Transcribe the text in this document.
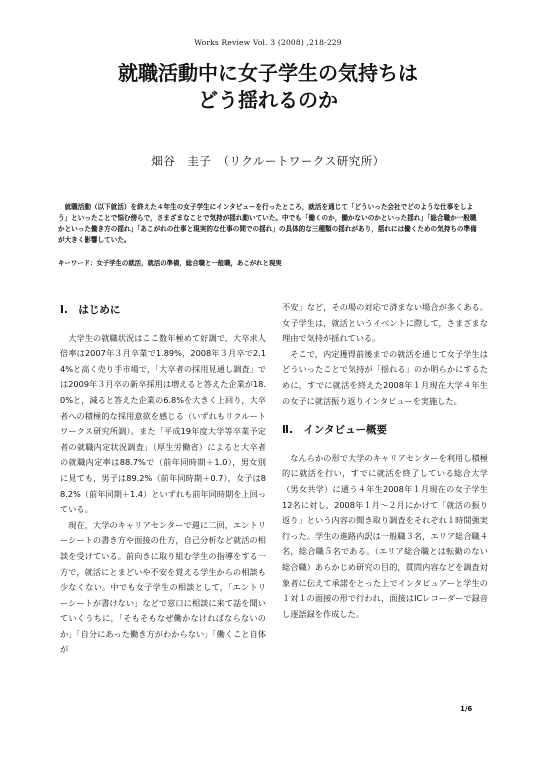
Works Review Vol. 3 (2008) ,218-229
就職活動中に女子学生の気持ちは
どう揺れるのか
畑谷　圭子　（リクルートワークス研究所）

就職活動（以下就活）を終えた４年生の女子学生にインタビューを行ったところ，就活を通じて「どういった会社でどのような仕事をしよう」といったことで悩む傍らで，さまざまなことで気持が揺れ動いていた。中でも「働くのか，働かないのかといった揺れ」「総合職か一般職かといった働き方の揺れ」「あこがれの仕事と現実的な仕事の間での揺れ」の具体的な三種類の揺れがあり，揺れには働くための気持ちの準備が大きく影響していた。

キーワード：女子学生の就活，就活の準備，総合職と一般職，あこがれと現実
Ⅰ.　はじめに

大学生の就職状況はここ数年極めて好調で，大卒求人倍率は2007年３月卒業で1.89%，2008年３月卒で2.14%と高く売り手市場で，「大卒者の採用見通し調査」では2009年３月卒の新卒採用は増えると答えた企業が18.0%と，減ると答えた企業の6.8%を大きく上回り，大卒者への積極的な採用意欲を感じる（いずれもリクルートワークス研究所調）。また「平成19年度大学等卒業予定者の就職内定状況調査」（厚生労働省）によると大卒者の就職内定率は88.7%で（前年同時期＋1.0），男女別に見ても，男子は89.2%（前年同時期＋0.7），女子は88.2%（前年同期＋1.4）といずれも前年同時期を上回っている。

現在，大学のキャリアセンターで週に二回，エントリーシートの書き方や面接の仕方，自己分析など就活の相談を受けている。前向きに取り組む学生の指導をする一方で，就活にとまどいや不安を覚える学生からの相談も少なくない。中でも女子学生の相談として，「エントリーシートが書けない」などで窓口に相談に来て話を聞いていくうちに，「そもそもなぜ働かなければならないのか」「自分にあった働き方がわからない」「働くこと自体が

不安」など，その場の対応で済まない場合が多くある。女子学生は，就活というイベントに際して，さまざまな理由で気持が揺れている。

そこで，内定獲得前後までの就活を通じて女子学生はどういったことで気持が「揺れる」のか明らかにするために，すでに就活を終えた2008年１月現在大学４年生の女子に就活振り返りインタビューを実施した。

Ⅱ.　インタビュー概要

なんらかの形で大学のキャリアセンターを利用し積極的に就活を行い，すでに就活を終了している総合大学（男女共学）に通う４年生2008年１月現在の女子学生12名に対し，2008年１月～２月にかけて「就活の振り返り」という内容の聞き取り調査をそれぞれ１時間強実行った。学生の進路内訳は一般職３名，エリア総合職４名，総合職５名である。（エリア総合職とは転勤のない総合職）あらかじめ研究の目的，質問内容などを調査対象者に伝えて承諾をとった上でインタビュアーと学生の１対１の面接の形で行われ，面接はICレコーダーで録音し逐語録を作成した。

1/6
